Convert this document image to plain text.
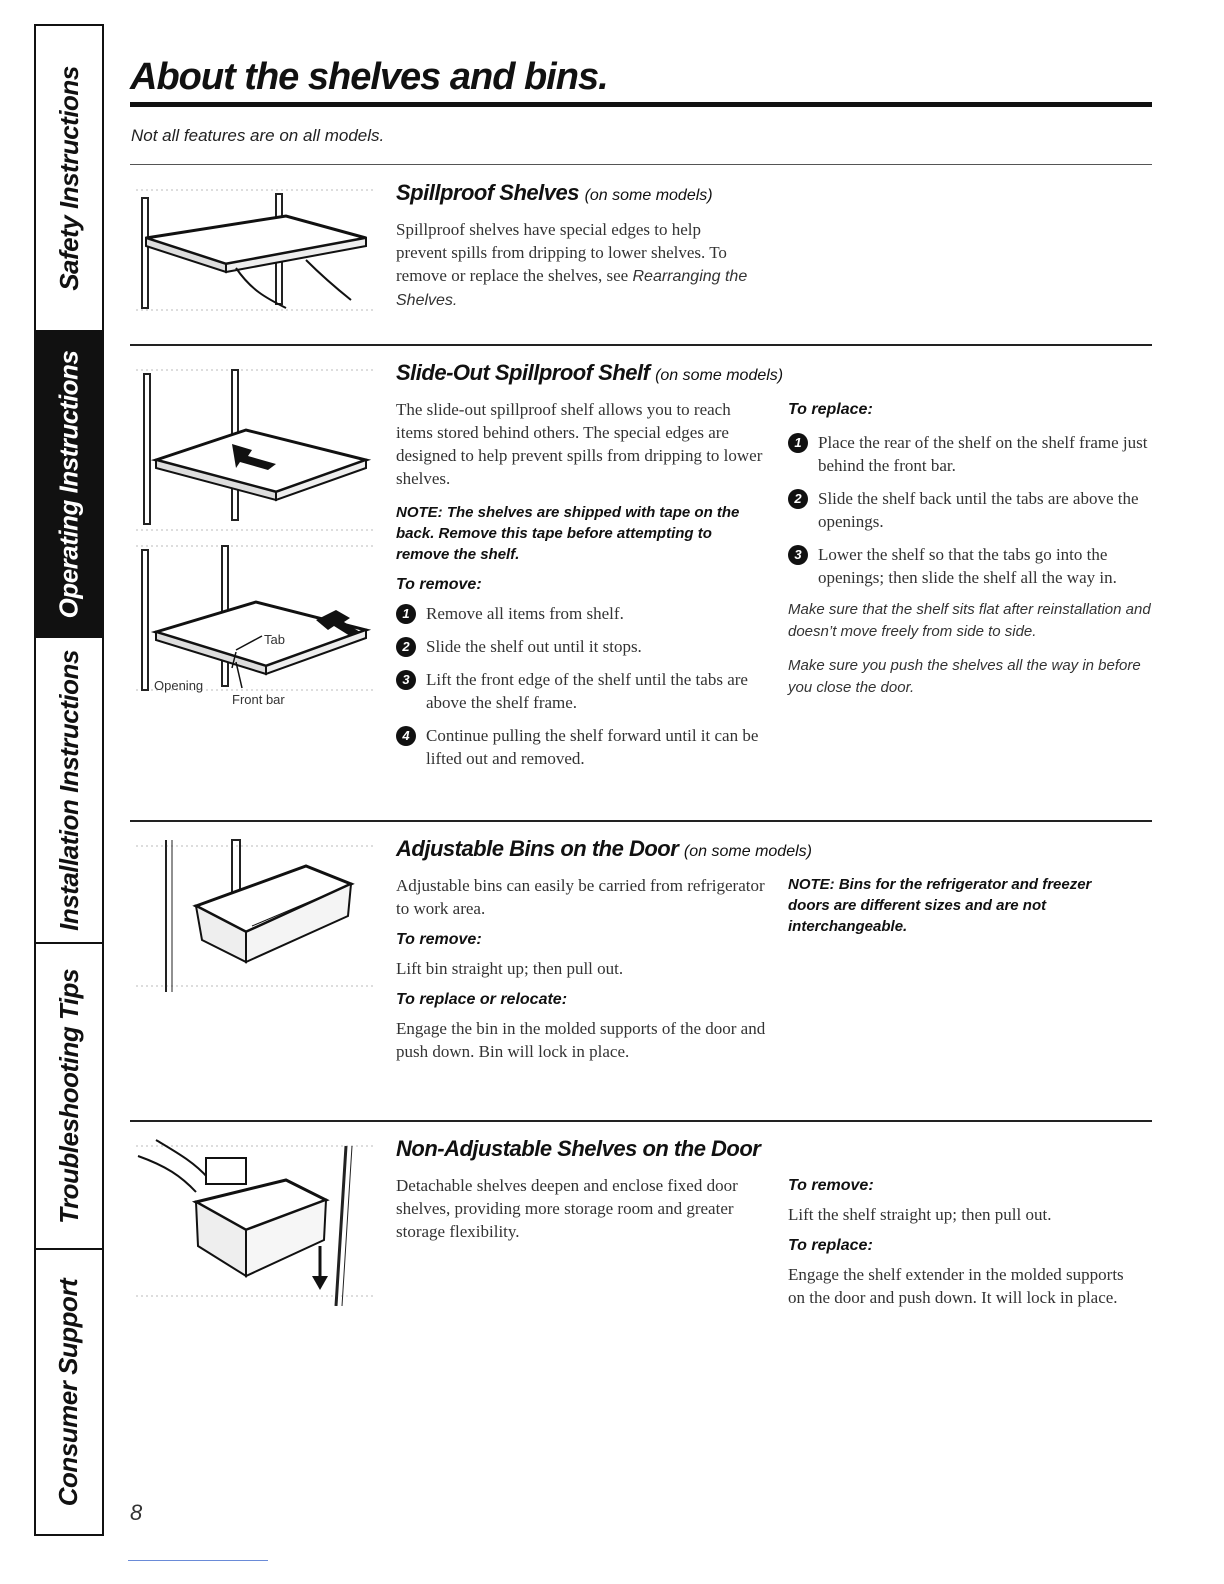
Safety Instructions
Operating Instructions
Installation Instructions
Troubleshooting Tips
Consumer Support
About the shelves and bins.
Not all features are on all models.
Spillproof Shelves (on some models)

Spillproof shelves have special edges to help prevent spills from dripping to lower shelves. To remove or replace the shelves, see Rearranging the Shelves.

Tab
Opening
Front bar
Slide-Out Spillproof Shelf (on some models)

The slide-out spillproof shelf allows you to reach items stored behind others. The special edges are designed to help prevent spills from dripping to lower shelves.

NOTE: The shelves are shipped with tape on the back. Remove this tape before attempting to remove the shelf.

To remove:
1 Remove all items from shelf.
2 Slide the shelf out until it stops.
3 Lift the front edge of the shelf until the tabs are above the shelf frame.
4 Continue pulling the shelf forward until it can be lifted out and removed.
To replace:
1 Place the rear of the shelf on the shelf frame just behind the front bar.
2 Slide the shelf back until the tabs are above the openings.
3 Lower the shelf so that the tabs go into the openings; then slide the shelf all the way in.

Make sure that the shelf sits flat after reinstallation and doesn’t move freely from side to side.

Make sure you push the shelves all the way in before you close the door.

Adjustable Bins on the Door (on some models)

Adjustable bins can easily be carried from refrigerator to work area.

To remove:

Lift bin straight up; then pull out.

To replace or relocate:

Engage the bin in the molded supports of the door and push down. Bin will lock in place.

NOTE: Bins for the refrigerator and freezer doors are different sizes and are not interchangeable.

Non-Adjustable Shelves on the Door

Detachable shelves deepen and enclose fixed door shelves, providing more storage room and greater storage flexibility.

To remove:

Lift the shelf straight up; then pull out.

To replace:

Engage the shelf extender in the molded supports on the door and push down. It will lock in place.

8
